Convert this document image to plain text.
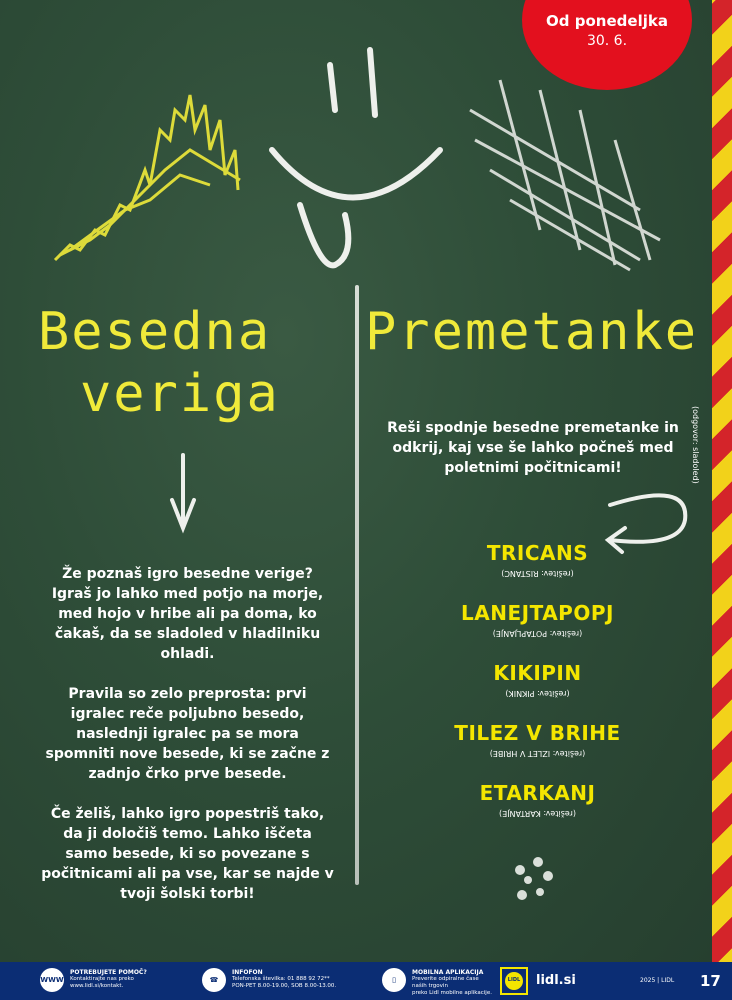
Od ponedeljka
30. 6.
Besedna
veriga
Premetanke
Reši spodnje besedne premetanke in odkrij, kaj vse še lahko počneš med poletnimi počitnicami!	(odgovor: sladoled)
TRICANS
(rešitev: RISTANC)
LANEJTAPOPJ
(rešitev: POTAPLJANJE)
KIKIPIN
(rešitev: PIKNIK)
TILEZ V BRIHE
(rešitev: IZLET V HRIBE)
ETARKANJ
(rešitev: KARTANJE)

Že poznaš igro besedne verige? Igraš jo lahko med potjo na morje, med hojo v hribe ali pa doma, ko čakaš, da se sladoled v hladilniku ohladi.

Pravila so zelo preprosta: prvi igralec reče poljubno besedo, naslednji igralec pa se mora spomniti nove besede, ki se začne z zadnjo črko prve besede.

Če želiš, lahko igro popestriš tako, da ji določiš temo. Lahko iščeta samo besede, ki so povezane s počitnicami ali pa vse, kar se najde v tvoji šolski torbi!

WWW
POTREBUJETE POMOČ?
Kontaktirajte nas preko
www.lidl.si/kontakt.
☎
INFOFON
Telefonska številka: 01 888 92 72**
PON-PET 8.00-19.00, SOB 8.00-13.00.
▯
MOBILNA APLIKACIJA
Preverite odpiralne čase našіh trgovin
preko Lidl mobilne aplikacije.
LIDL lidl.si	2025 | LIDL 17
